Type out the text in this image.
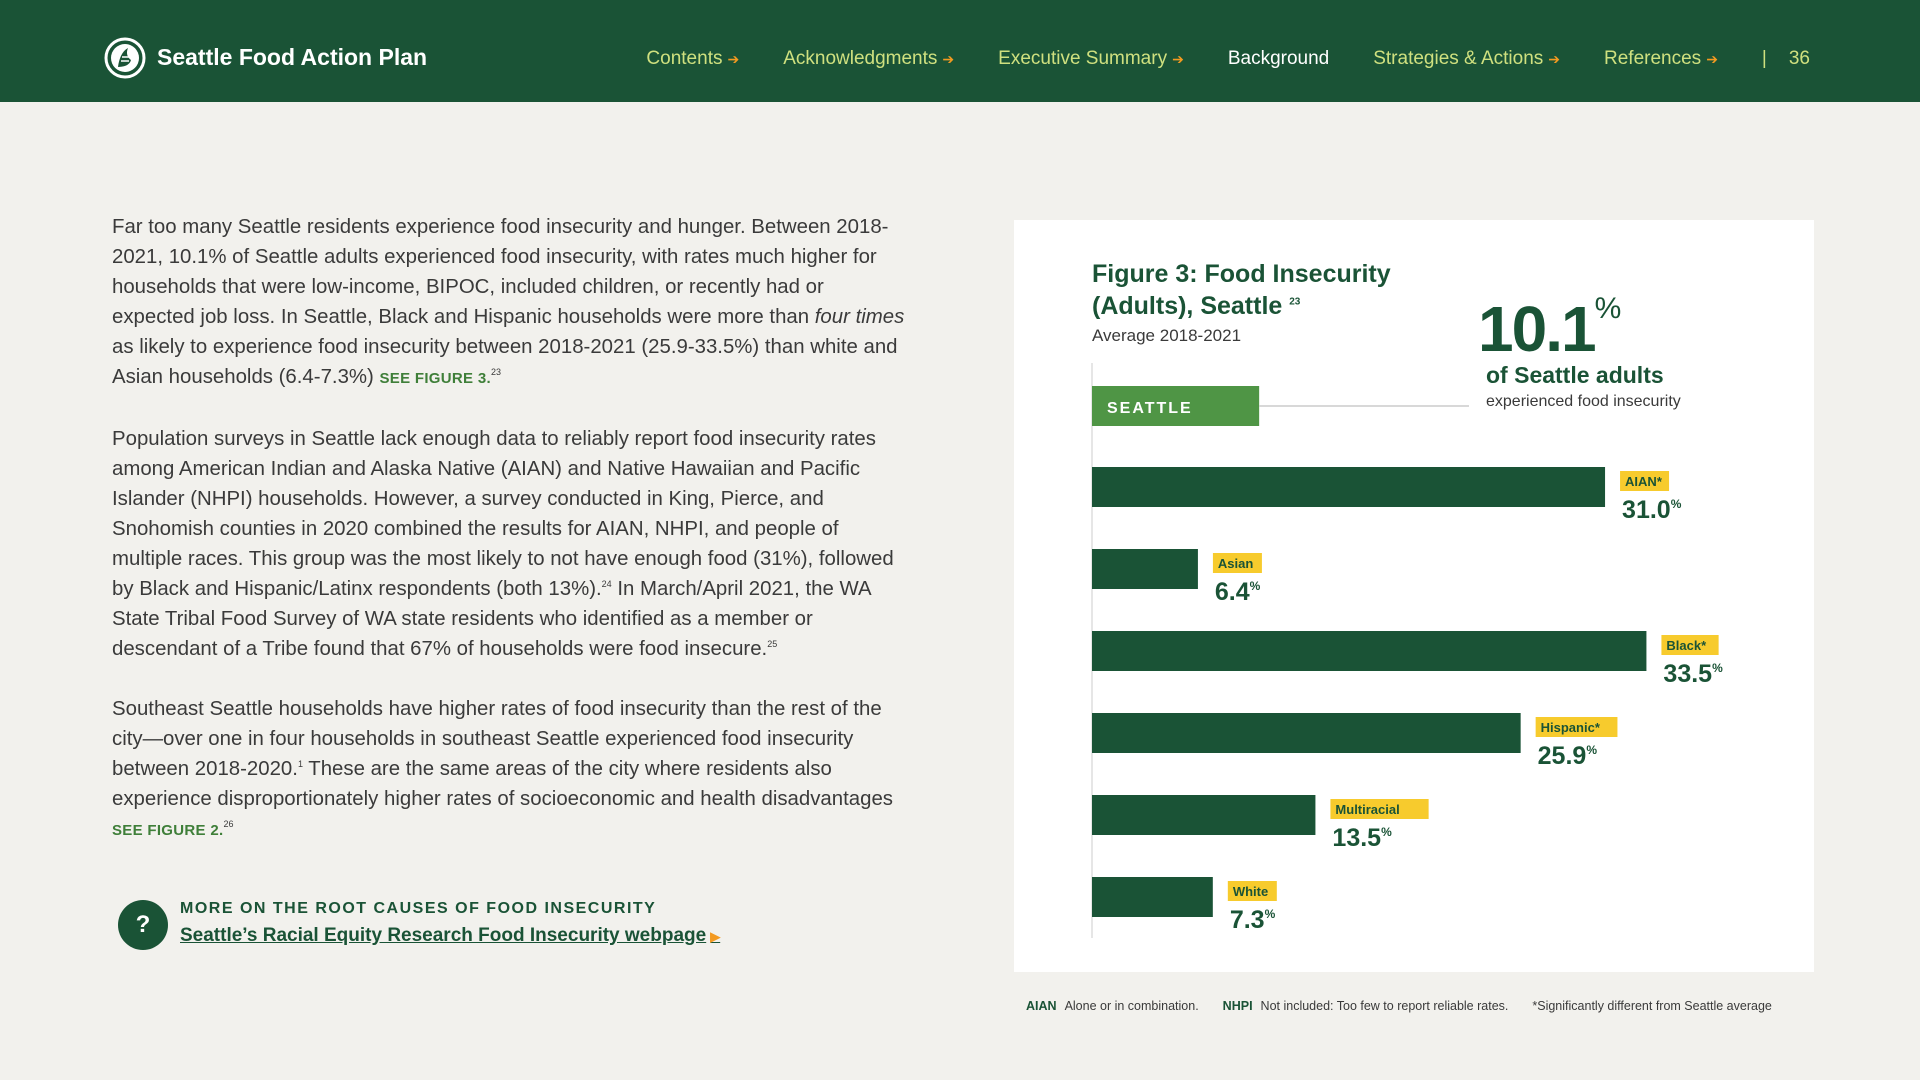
Seattle Food Action Plan	Contents ➔ Acknowledgments ➔ Executive Summary ➔ Background Strategies & Actions ➔ References ➔ | 36

Far too many Seattle residents experience food insecurity and hunger. Between 2018-2021, 10.1% of Seattle adults experienced food insecurity, with rates much higher for households that were low-income, BIPOC, included children, or recently had or expected job loss. In Seattle, Black and Hispanic households were more than four times as likely to experience food insecurity between 2018-2021 (25.9-33.5%) than white and Asian households (6.4-7.3%) SEE FIGURE 3.23

Population surveys in Seattle lack enough data to reliably report food insecurity rates among American Indian and Alaska Native (AIAN) and Native Hawaiian and Pacific Islander (NHPI) households. However, a survey conducted in King, Pierce, and Snohomish counties in 2020 combined the results for AIAN, NHPI, and people of multiple races. This group was the most likely to not have enough food (31%), followed by Black and Hispanic/Latinx respondents (both 13%).$^{24}$ In March/April 2021, the WA State Tribal Food Survey of WA state residents who identified as a member or descendant of a Tribe found that 67% of households were food insecure.$^{25}$

Southeast Seattle households have higher rates of food insecurity than the rest of the city—over one in four households in southeast Seattle experienced food insecurity between 2018-2020.$^1$ These are the same areas of the city where residents also experience disproportionately higher rates of socioeconomic and health disadvantages SEE FIGURE 2.26

?
MORE ON THE ROOT CAUSES OF FOOD INSECURITY
Seattle’s Racial Equity Research Food Insecurity webpage ▶
Figure 3: Food Insecurity (Adults), Seattle $^{23}$
Average 2018-2021	10.1%
of Seattle adults
experienced food insecurity
SEATTLE
AIAN*
31.0%
Asian
6.4%
Black*
33.5%
Hispanic*
25.9%
Multiracial
13.5%
White
7.3%
AIAN Alone or in combination. NHPI Not included: Too few to report reliable rates. *Significantly different from Seattle average
